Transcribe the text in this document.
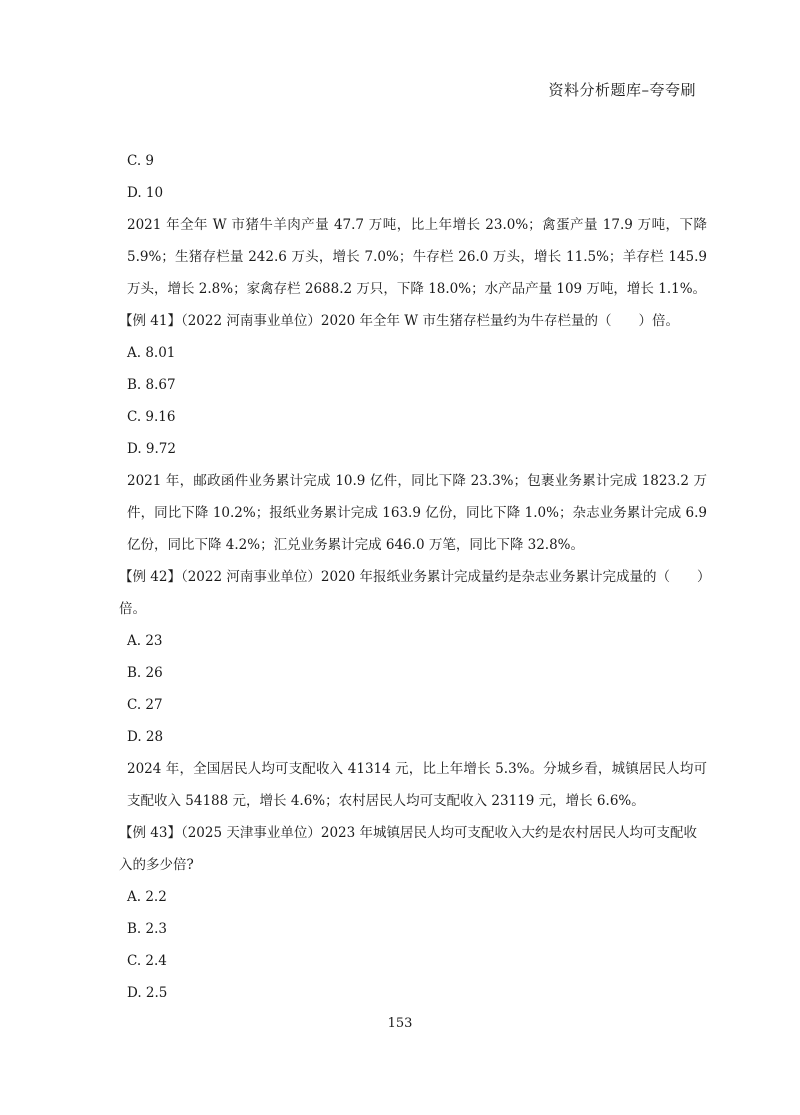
资料分析题库–夸夸刷

C. 9

D. 10

2021 年全年 W 市猪牛羊肉产量 47.7 万吨，比上年增长 23.0%；禽蛋产量 17.9 万吨，下降 5.9%；生猪存栏量 242.6 万头，增长 7.0%；牛存栏 26.0 万头，增长 11.5%；羊存栏 145.9 万头，增长 2.8%；家禽存栏 2688.2 万只，下降 18.0%；水产品产量 109 万吨，增长 1.1%。

【例 41】（2022 河南事业单位）2020 年全年 W 市生猪存栏量约为牛存栏量的（　　）倍。

A. 8.01

B. 8.67

C. 9.16

D. 9.72

2021 年，邮政函件业务累计完成 10.9 亿件，同比下降 23.3%；包裹业务累计完成 1823.2 万件，同比下降 10.2%；报纸业务累计完成 163.9 亿份，同比下降 1.0%；杂志业务累计完成 6.9 亿份，同比下降 4.2%；汇兑业务累计完成 646.0 万笔，同比下降 32.8%。

【例 42】（2022 河南事业单位）2020 年报纸业务累计完成量约是杂志业务累计完成量的（　　）倍。

A. 23

B. 26

C. 27

D. 28

2024 年，全国居民人均可支配收入 41314 元，比上年增长 5.3%。分城乡看，城镇居民人均可支配收入 54188 元，增长 4.6%；农村居民人均可支配收入 23119 元，增长 6.6%。

【例 43】（2025 天津事业单位）2023 年城镇居民人均可支配收入大约是农村居民人均可支配收入的多少倍?

A. 2.2

B. 2.3

C. 2.4

D. 2.5

153
